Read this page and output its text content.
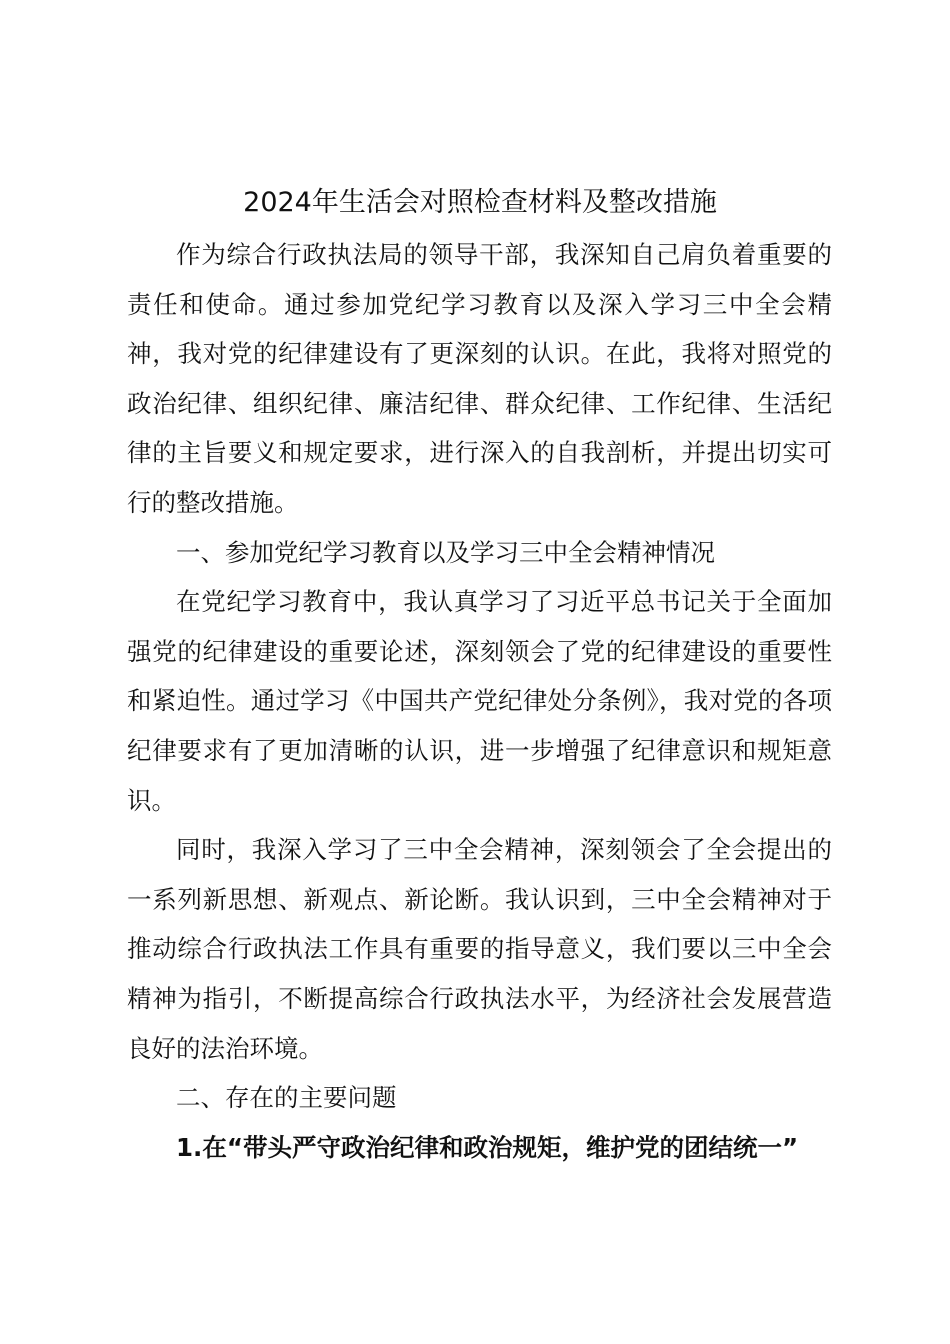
2024年生活会对照检查材料及整改措施

作为综合行政执法局的领导干部，我深知自己肩负着重要的责任和使命。通过参加党纪学习教育以及深入学习三中全会精神，我对党的纪律建设有了更深刻的认识。在此，我将对照党的政治纪律、组织纪律、廉洁纪律、群众纪律、工作纪律、生活纪律的主旨要义和规定要求，进行深入的自我剖析，并提出切实可行的整改措施。

一、参加党纪学习教育以及学习三中全会精神情况

在党纪学习教育中，我认真学习了习近平总书记关于全面加强党的纪律建设的重要论述，深刻领会了党的纪律建设的重要性和紧迫性。通过学习《中国共产党纪律处分条例》，我对党的各项纪律要求有了更加清晰的认识，进一步增强了纪律意识和规矩意识。

同时，我深入学习了三中全会精神，深刻领会了全会提出的一系列新思想、新观点、新论断。我认识到，三中全会精神对于推动综合行政执法工作具有重要的指导意义，我们要以三中全会精神为指引，不断提高综合行政执法水平，为经济社会发展营造良好的法治环境。

二、存在的主要问题

1.在“带头严守政治纪律和政治规矩，维护党的团结统一”
